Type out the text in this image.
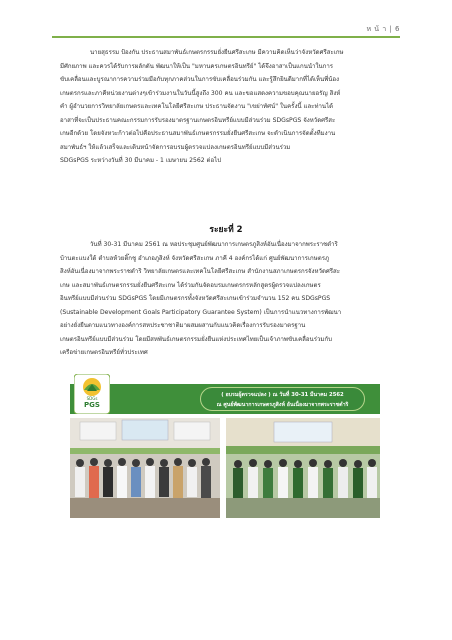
ห น้ า | 6
นายสุธรรม ป้องกัน ประธานสมาพันธ์เกษตรกรรมยั่งยืนศรีสะเกษ มีความคิดเห็นว่าจังหวัดศรีสะเกษ
มีศักยภาพ และควรได้รับการผลักดัน พัฒนาให้เป็น "มหานครเกษตรอินทรีย์" ได้จึงอาสาเป็นแกนนำในการ
ขับเคลื่อนและบูรณาการความร่วมมือกับทุกภาคส่วนในการขับเคลื่อนร่วมกัน และรู้สึกยินดีมากที่ได้เห็นพี่น้อง
เกษตรกรและภาคีหน่วยงานต่างๆเข้าร่วมงานในวันนี้สูงถึง 300 คน และขอแสดงความขอบคุณนายอรัญ สิงห์
คำ ผู้อำนวยการวิทยาลัยเกษตรและเทคโนโลยีศรีสะเกษ ประธานจัดงาน "เขย่าทัศน์" ในครั้งนี้ และท่านได้
อาสาที่จะเป็นประธานคณะกรรมการรับรองมาตรฐานเกษตรอินทรีย์แบบมีส่วนร่วม SDGsPGS จังหวัดศรีสะ
เกษอีกด้วย โดยจังหวะก้าวต่อไปคือประธานสมาพันธ์เกษตรกรรมยั่งยืนศรีสะเกษ จะดำเนินการจัดตั้งทีมงาน
สมาพันธ์ฯ ให้แล้วเสร็จและเดินหน้าจัดการอบรมผู้ตรวจแปลงเกษตรอินทรีย์แบบมีส่วนร่วม
SDGsPGS ระหว่างวันที่ 30 มีนาคม - 1 เมษายน 2562 ต่อไป
ระยะที่ 2
วันที่ 30-31 มีนาคม 2561 ณ หอประชุมศูนย์พัฒนาการเกษตรภูสิงห์อันเนื่องมาจากพระราชดำริ
บ้านตะแบงใต้ ตำบลห้วยติ๊กชู อำเภอภูสิงห์ จังหวัดศรีสะเกษ ภาคี 4 องค์กรได้แก่ ศูนย์พัฒนาการเกษตรภู
สิงห์อันเนื่องมาจากพระราชดำริ วิทยาลัยเกษตรและเทคโนโลยีศรีสะเกษ สำนักงานสภาเกษตรกรจังหวัดศรีสะ
เกษ และสมาพันธ์เกษตรกรรมยั่งยืนศรีสะเกษ ได้ร่วมกันจัดอบรมเกษตรกรหลักสูตรผู้ตรวจแปลงเกษตร
อินทรีย์แบบมีส่วนร่วม SDGsPGS โดยมีเกษตรกรทั้งจังหวัดศรีสะเกษเข้าร่วมจำนวน 152 คน SDGsPGS
(Sustainable Development Goals Participatory Guarantee System) เป็นการนำแนวทางการพัฒนา
อย่างยั่งยืนตามแนวทางองค์การสหประชาชาติมาผสมผสานกับแนวคิดเรื่องการรับรองมาตรฐาน
เกษตรอินทรีย์แบบมีส่วนร่วม โดยมีสหพันธ์เกษตรกรรมยั่งยืนแห่งประเทศไทยเป็นเจ้าภาพขับเคลื่อนร่วมกับ
เครือข่ายเกษตรอินทรีย์ทั่วประเทศ
SDGs
PGS
( อบรมผู้ตรวจแปลง ) ณ วันที่ 30-31 มีนาคม 2562
ณ ศูนย์พัฒนาการเกษตรภูสิงห์ อันเนื่องมาจากพระราชดำริ
